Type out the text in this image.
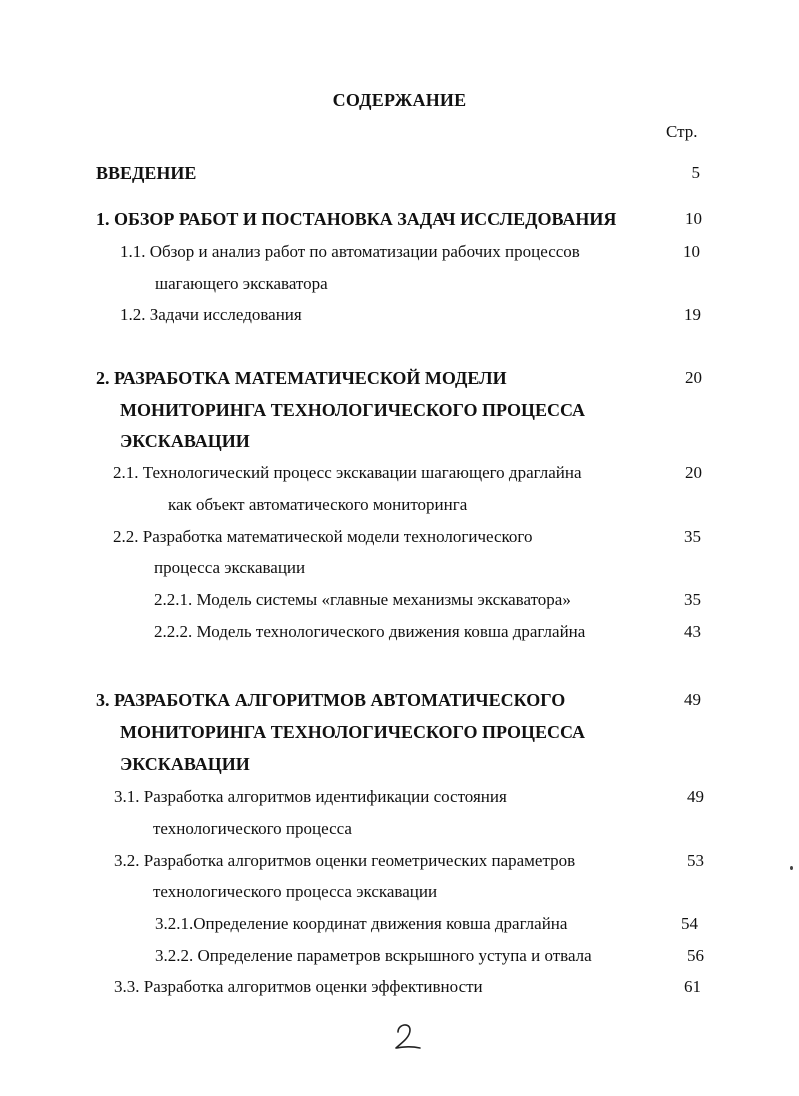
СОДЕРЖАНИЕ
Стр.
ВВЕДЕНИЕ	5
1. ОБЗОР РАБОТ И ПОСТАНОВКА ЗАДАЧ ИССЛЕДОВАНИЯ	10
1.1. Обзор и анализ работ по автоматизации рабочих процессов	10
шагающего экскаватора
1.2. Задачи исследования	19
2. РАЗРАБОТКА МАТЕМАТИЧЕСКОЙ МОДЕЛИ	20
МОНИТОРИНГА ТЕХНОЛОГИЧЕСКОГО ПРОЦЕССА
ЭКСКАВАЦИИ
2.1. Технологический процесс экскавации шагающего драглайна	20
как объект автоматического мониторинга
2.2. Разработка математической модели технологического	35
процесса экскавации
2.2.1. Модель системы «главные механизмы экскаватора»	35
2.2.2. Модель технологического движения ковша драглайна	43
3. РАЗРАБОТКА АЛГОРИТМОВ АВТОМАТИЧЕСКОГО	49
МОНИТОРИНГА ТЕХНОЛОГИЧЕСКОГО ПРОЦЕССА
ЭКСКАВАЦИИ
3.1. Разработка алгоритмов идентификации состояния	49
технологического процесса
3.2. Разработка алгоритмов оценки геометрических параметров	53
технологического процесса экскавации
3.2.1.Определение координат движения ковша драглайна	54
3.2.2. Определение параметров вскрышного уступа и отвала	56
3.3. Разработка алгоритмов оценки эффективности	61
